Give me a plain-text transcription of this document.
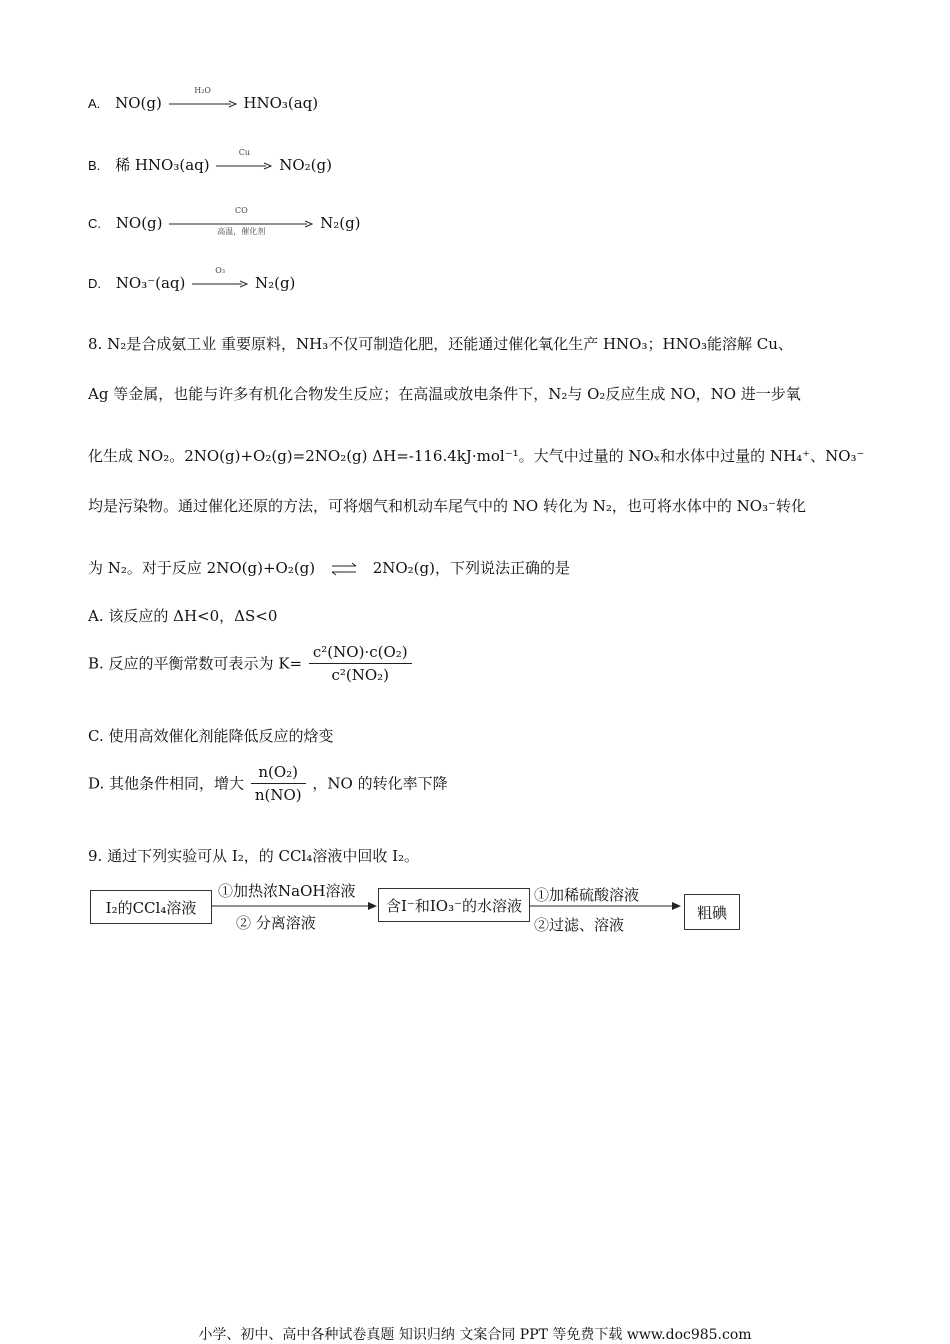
A. NO(g)
H₂O
HNO₃(aq)
B. 稀 HNO₃(aq)
Cu
NO₂(g)
C. NO(g)
CO
高温，催化剂	N₂(g)
D. NO₃⁻(aq)
O₃
N₂(g)
8. N₂是合成氨工业 重要原料，NH₃不仅可制造化肥，还能通过催化氧化生产 HNO₃；HNO₃能溶解 Cu、
Ag 等金属，也能与许多有机化合物发生反应；在高温或放电条件下，N₂与 O₂反应生成 NO，NO 进一步氧
化生成 NO₂。2NO(g)+O₂(g)=2NO₂(g) ΔH=-116.4kJ·mol⁻¹。大气中过量的 NOₓ和水体中过量的 NH₄⁺、NO₃⁻
均是污染物。通过催化还原的方法，可将烟气和机动车尾气中的 NO 转化为 N₂，也可将水体中的 NO₃⁻转化
为 N₂。对于反应 2NO(g)+O₂(g) ⇌ 2NO₂(g)，下列说法正确的是
A. 该反应的 ΔH<0，ΔS<0
B. 反应的平衡常数可表示为 $K= \frac{\text{c²(NO)·c(O₂)}}{\text{c²(NO₂)}}$
C. 使用高效催化剂能降低反应的焓变
D. 其他条件相同，增大 $\frac{\text{n(O₂)}}{n(NO)}$ ，NO 的转化率下降
9. 通过下列实验可从 I₂，的 CCl₄溶液中回收 I₂。
I₂的CCl₄溶液
①加热浓NaOH溶液
② 分离溶液
含I⁻和IO₃⁻的水溶液
①加稀硫酸溶液
②过滤、溶液
粗碘
小学、初中、高中各种试卷真题 知识归纳 文案合同 PPT 等免费下载 www.doc985.com
